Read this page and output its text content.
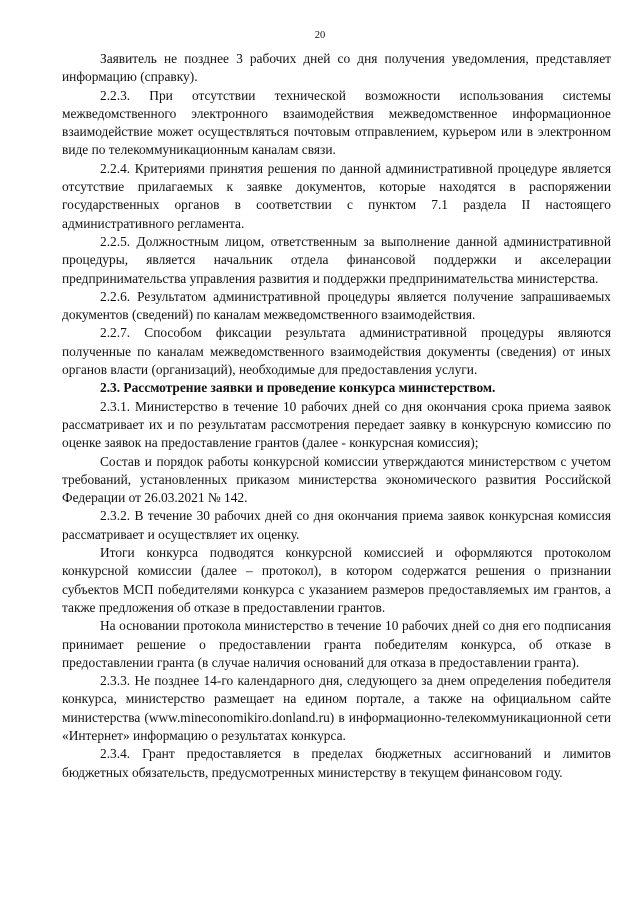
20

Заявитель не позднее 3 рабочих дней со дня получения уведомления, представляет информацию (справку).

2.2.3. При отсутствии технической возможности использования системы межведомственного электронного взаимодействия межведомственное информационное взаимодействие может осуществляться почтовым отправлением, курьером или в электронном виде по телекоммуникационным каналам связи.

2.2.4. Критериями принятия решения по данной административной процедуре является отсутствие прилагаемых к заявке документов, которые находятся в распоряжении государственных органов в соответствии с пунктом 7.1 раздела II настоящего административного регламента.

2.2.5. Должностным лицом, ответственным за выполнение данной административной процедуры, является начальник отдела финансовой поддержки и акселерации предпринимательства управления развития и поддержки предпринимательства министерства.

2.2.6. Результатом административной процедуры является получение запрашиваемых документов (сведений) по каналам межведомственного взаимодействия.

2.2.7. Способом фиксации результата административной процедуры являются полученные по каналам межведомственного взаимодействия документы (сведения) от иных органов власти (организаций), необходимые для предоставления услуги.

2.3. Рассмотрение заявки и проведение конкурса министерством.

2.3.1. Министерство в течение 10 рабочих дней со дня окончания срока приема заявок рассматривает их и по результатам рассмотрения передает заявку в конкурсную комиссию по оценке заявок на предоставление грантов (далее - конкурсная комиссия);

Состав и порядок работы конкурсной комиссии утверждаются министерством с учетом требований, установленных приказом министерства экономического развития Российской Федерации от 26.03.2021 № 142.

2.3.2. В течение 30 рабочих дней со дня окончания приема заявок конкурсная комиссия рассматривает и осуществляет их оценку.

Итоги конкурса подводятся конкурсной комиссией и оформляются протоколом конкурсной комиссии (далее – протокол), в котором содержатся решения о признании субъектов МСП победителями конкурса с указанием размеров предоставляемых им грантов, а также предложения об отказе в предоставлении грантов.

На основании протокола министерство в течение 10 рабочих дней со дня его подписания принимает решение о предоставлении гранта победителям конкурса, об отказе в предоставлении гранта (в случае наличия оснований для отказа в предоставлении гранта).

2.3.3. Не позднее 14-го календарного дня, следующего за днем определения победителя конкурса, министерство размещает на едином портале, а также на официальном сайте министерства (www.mineconomikiro.donland.ru) в информационно-телекоммуникационной сети «Интернет» информацию о результатах конкурса.

2.3.4. Грант предоставляется в пределах бюджетных ассигнований и лимитов бюджетных обязательств, предусмотренных министерству в текущем финансовом году.
